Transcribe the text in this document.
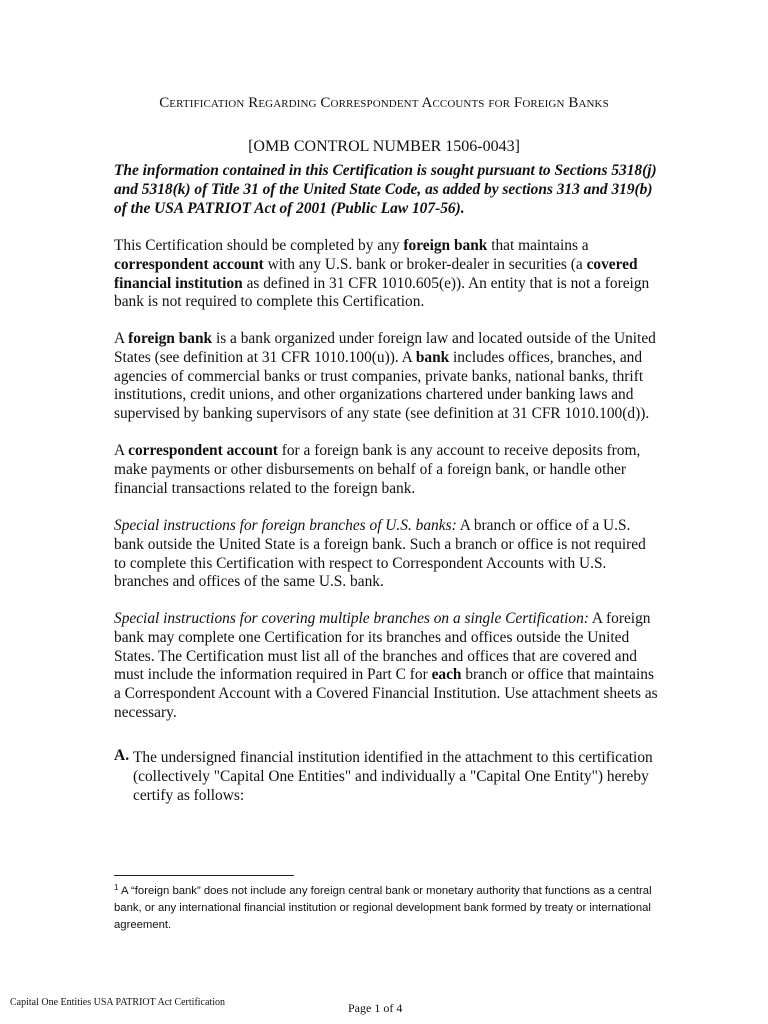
Certification Regarding Correspondent Accounts for Foreign Banks
[OMB CONTROL NUMBER 1506-0043]
The information contained in this Certification is sought pursuant to Sections 5318(j) and 5318(k) of Title 31 of the United State Code, as added by sections 313 and 319(b) of the USA PATRIOT Act of 2001 (Public Law 107-56).
This Certification should be completed by any foreign bank that maintains a correspondent account with any U.S. bank or broker-dealer in securities (a covered financial institution as defined in 31 CFR 1010.605(e)). An entity that is not a foreign bank is not required to complete this Certification.
A foreign bank is a bank organized under foreign law and located outside of the United States (see definition at 31 CFR 1010.100(u)). A bank includes offices, branches, and agencies of commercial banks or trust companies, private banks, national banks, thrift institutions, credit unions, and other organizations chartered under banking laws and supervised by banking supervisors of any state (see definition at 31 CFR 1010.100(d)).
A correspondent account for a foreign bank is any account to receive deposits from, make payments or other disbursements on behalf of a foreign bank, or handle other financial transactions related to the foreign bank.
Special instructions for foreign branches of U.S. banks: A branch or office of a U.S. bank outside the United State is a foreign bank. Such a branch or office is not required to complete this Certification with respect to Correspondent Accounts with U.S. branches and offices of the same U.S. bank.
Special instructions for covering multiple branches on a single Certification: A foreign bank may complete one Certification for its branches and offices outside the United States. The Certification must list all of the branches and offices that are covered and must include the information required in Part C for each branch or office that maintains a Correspondent Account with a Covered Financial Institution. Use attachment sheets as necessary.
A. The undersigned financial institution identified in the attachment to this certification (collectively "Capital One Entities" and individually a "Capital One Entity") hereby certify as follows:
$^1$ A “foreign bank” does not include any foreign central bank or monetary authority that functions as a central bank, or any international financial institution or regional development bank formed by treaty or international agreement.
Capital One Entities USA PATRIOT Act Certification	Page 1 of 4
